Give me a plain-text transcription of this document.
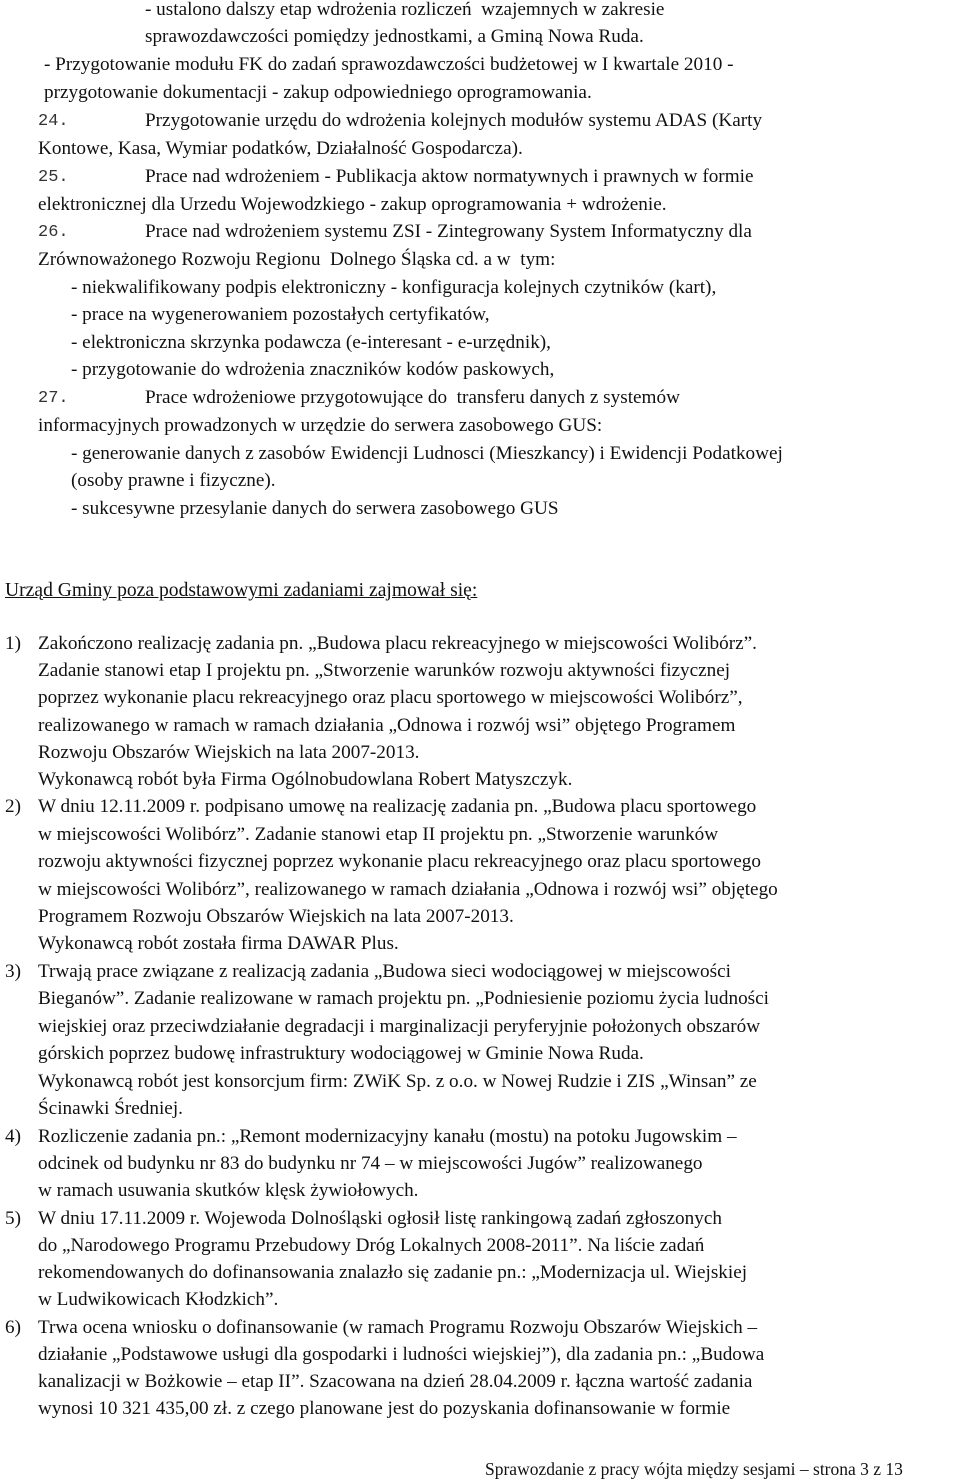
- ustalono dalszy etap wdrożenia rozliczeń  wzajemnych w zakresie
sprawozdawczości pomiędzy jednostkami, a Gminą Nowa Ruda.
- Przygotowanie modułu FK do zadań sprawozdawczości budżetowej w I kwartale 2010 -
przygotowanie dokumentacji - zakup odpowiedniego oprogramowania.
24.	Przygotowanie urzędu do wdrożenia kolejnych modułów systemu ADAS (Karty
Kontowe, Kasa, Wymiar podatków, Działalność Gospodarcza).
25.	Prace nad wdrożeniem - Publikacja aktow normatywnych i prawnych w formie
elektronicznej dla Urzedu Wojewodzkiego - zakup oprogramowania + wdrożenie.
26.	Prace nad wdrożeniem systemu ZSI - Zintegrowany System Informatyczny dla
Zrównoważonego Rozwoju Regionu  Dolnego Śląska cd. a w  tym:
- niekwalifikowany podpis elektroniczny - konfiguracja kolejnych czytników (kart),
- prace na wygenerowaniem pozostałych certyfikatów,
- elektroniczna skrzynka podawcza (e-interesant - e-urzędnik),
- przygotowanie do wdrożenia znaczników kodów paskowych,
27.	Prace wdrożeniowe przygotowujące do  transferu danych z systemów
informacyjnych prowadzonych w urzędzie do serwera zasobowego GUS:
- generowanie danych z zasobów Ewidencji Ludnosci (Mieszkancy) i Ewidencji Podatkowej
(osoby prawne i fizyczne).
- sukcesywne przesylanie danych do serwera zasobowego GUS
Urząd Gminy poza podstawowymi zadaniami zajmował się:
1) Zakończono realizację zadania pn. „Budowa placu rekreacyjnego w miejscowości Wolibórz”.
Zadanie stanowi etap I projektu pn. „Stworzenie warunków rozwoju aktywności fizycznej
poprzez wykonanie placu rekreacyjnego oraz placu sportowego w miejscowości Wolibórz”,
realizowanego w ramach w ramach działania „Odnowa i rozwój wsi” objętego Programem
Rozwoju Obszarów Wiejskich na lata 2007-2013.
Wykonawcą robót była Firma Ogólnobudowlana Robert Matyszczyk.
2) W dniu 12.11.2009 r. podpisano umowę na realizację zadania pn. „Budowa placu sportowego
w miejscowości Wolibórz”. Zadanie stanowi etap II projektu pn. „Stworzenie warunków
rozwoju aktywności fizycznej poprzez wykonanie placu rekreacyjnego oraz placu sportowego
w miejscowości Wolibórz”, realizowanego w ramach działania „Odnowa i rozwój wsi” objętego
Programem Rozwoju Obszarów Wiejskich na lata 2007-2013.
Wykonawcą robót została firma DAWAR Plus.
3) Trwają prace związane z realizacją zadania „Budowa sieci wodociągowej w miejscowości
Bieganów”. Zadanie realizowane w ramach projektu pn. „Podniesienie poziomu życia ludności
wiejskiej oraz przeciwdziałanie degradacji i marginalizacji peryferyjnie położonych obszarów
górskich poprzez budowę infrastruktury wodociągowej w Gminie Nowa Ruda.
Wykonawcą robót jest konsorcjum firm: ZWiK Sp. z o.o. w Nowej Rudzie i ZIS „Winsan” ze
Ścinawki Średniej.
4) Rozliczenie zadania pn.: „Remont modernizacyjny kanału (mostu) na potoku Jugowskim –
odcinek od budynku nr 83 do budynku nr 74 – w miejscowości Jugów” realizowanego
w ramach usuwania skutków klęsk żywiołowych.
5) W dniu 17.11.2009 r. Wojewoda Dolnośląski ogłosił listę rankingową zadań zgłoszonych
do „Narodowego Programu Przebudowy Dróg Lokalnych 2008-2011”. Na liście zadań
rekomendowanych do dofinansowania znalazło się zadanie pn.: „Modernizacja ul. Wiejskiej
w Ludwikowicach Kłodzkich”.
6) Trwa ocena wniosku o dofinansowanie (w ramach Programu Rozwoju Obszarów Wiejskich –
działanie „Podstawowe usługi dla gospodarki i ludności wiejskiej”), dla zadania pn.: „Budowa
kanalizacji w Bożkowie – etap II”. Szacowana na dzień 28.04.2009 r. łączna wartość zadania
wynosi 10 321 435,00 zł. z czego planowane jest do pozyskania dofinansowanie w formie
Sprawozdanie z pracy wójta między sesjami – strona 3 z 13
